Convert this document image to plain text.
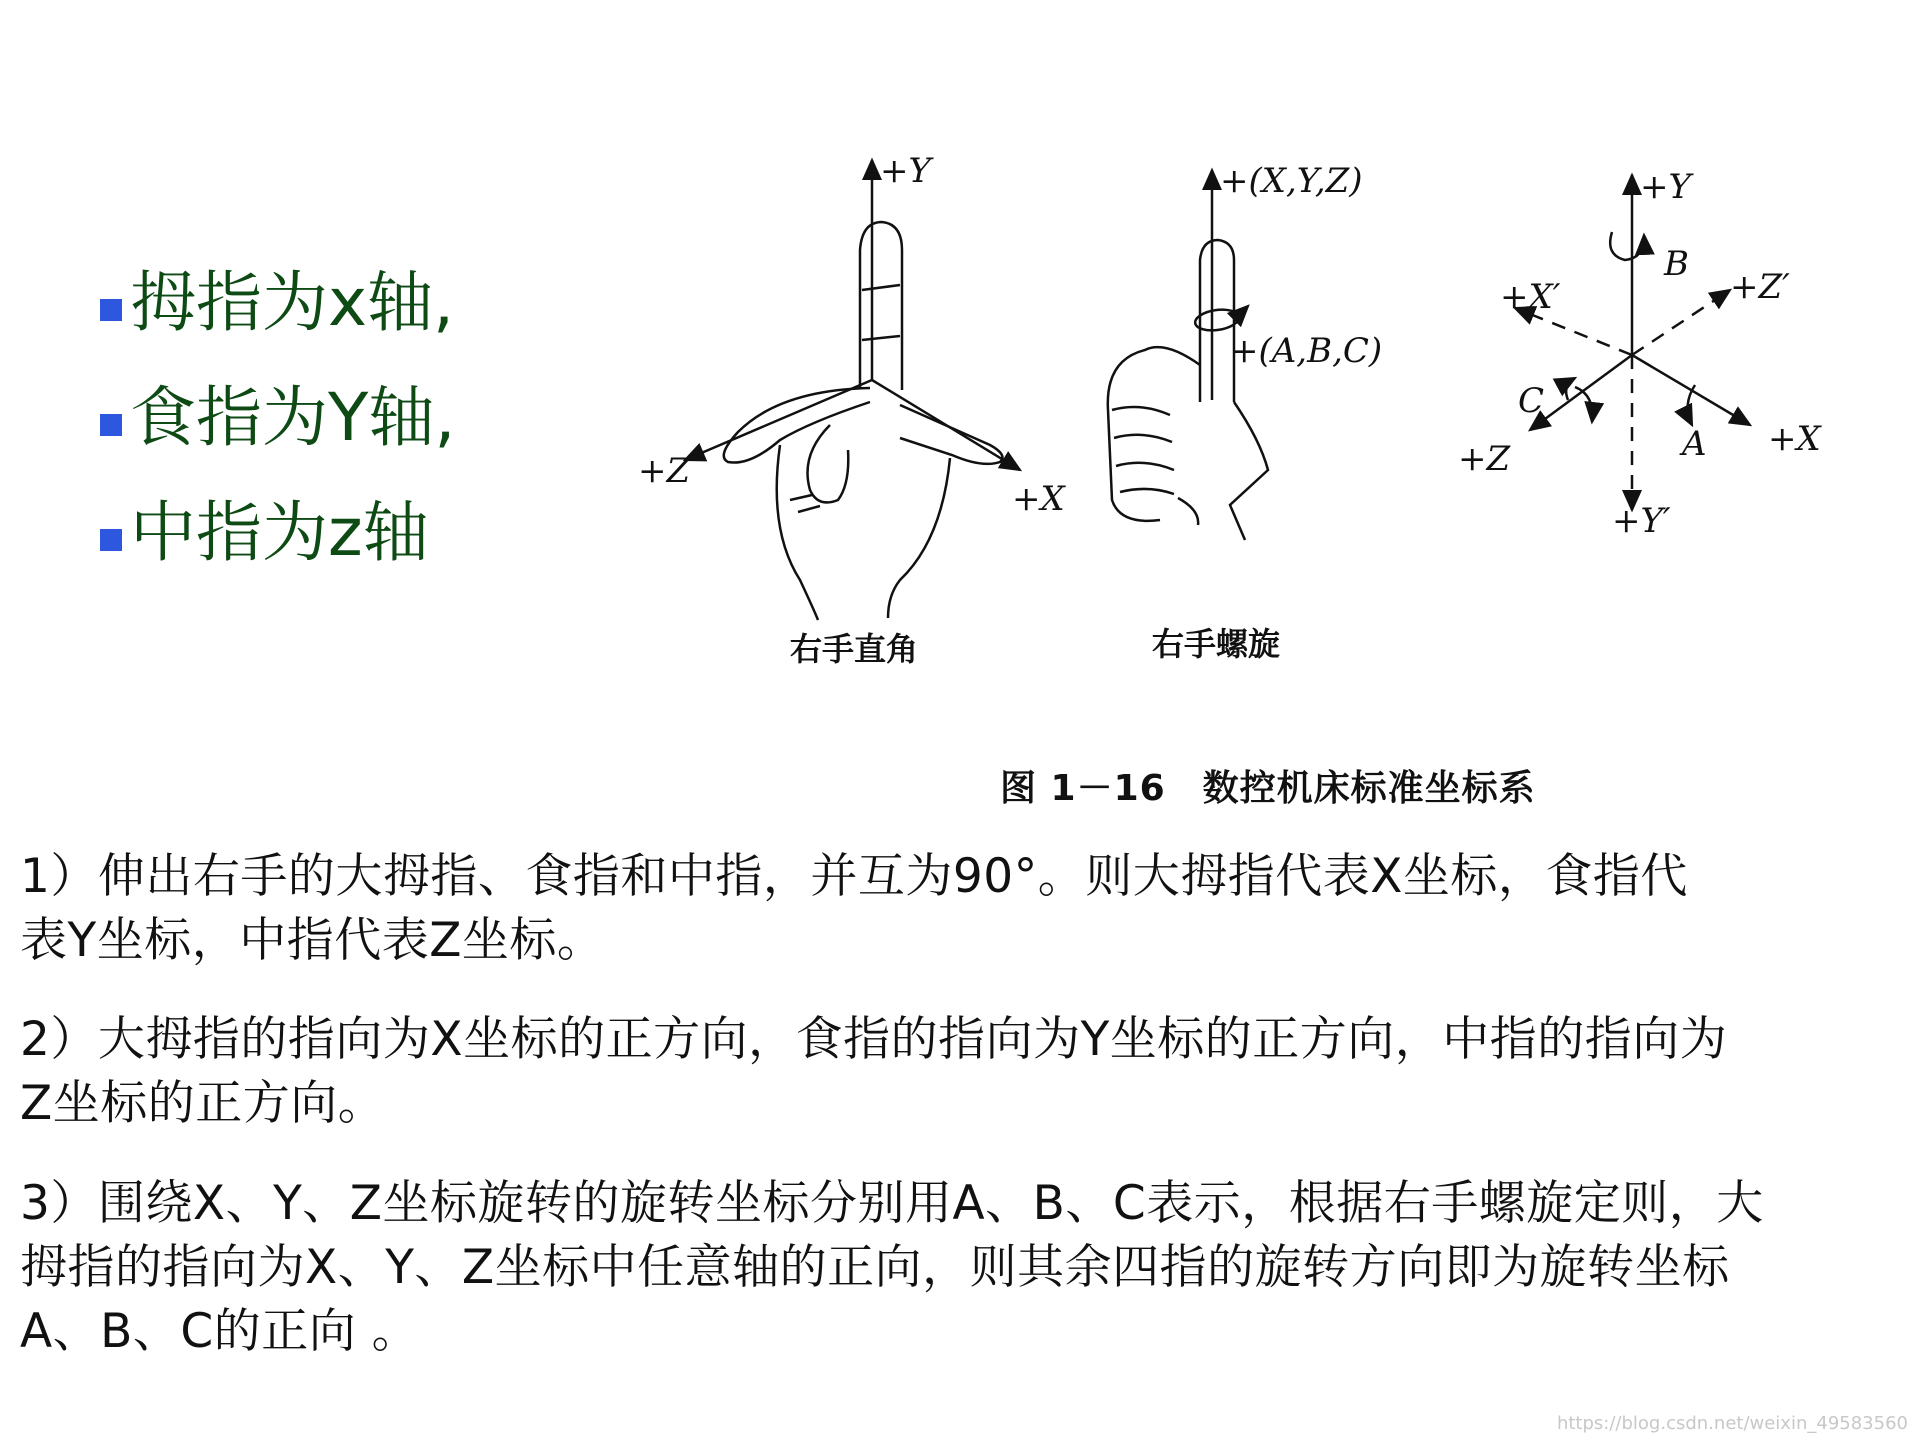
拇指为x轴,
食指为Y轴,
中指为z轴
+Y
+Z
+X
+(X,Y,Z)
+(A,B,C)
+Y
B
+X′	+Z′
C
A
+Z	+X
+Y′
右手直角	右手螺旋
图 1－16　数控机床标准坐标系
1）伸出右手的大拇指、食指和中指，并互为90°。则大拇指代表X坐标，食指代
表Y坐标，中指代表Z坐标。
2）大拇指的指向为X坐标的正方向，食指的指向为Y坐标的正方向，中指的指向为
Z坐标的正方向。
3）围绕X、Y、Z坐标旋转的旋转坐标分别用A、B、C表示，根据右手螺旋定则，大
拇指的指向为X、Y、Z坐标中任意轴的正向，则其余四指的旋转方向即为旋转坐标
A、B、C的正向 。
https://blog.csdn.net/weixin_49583560
